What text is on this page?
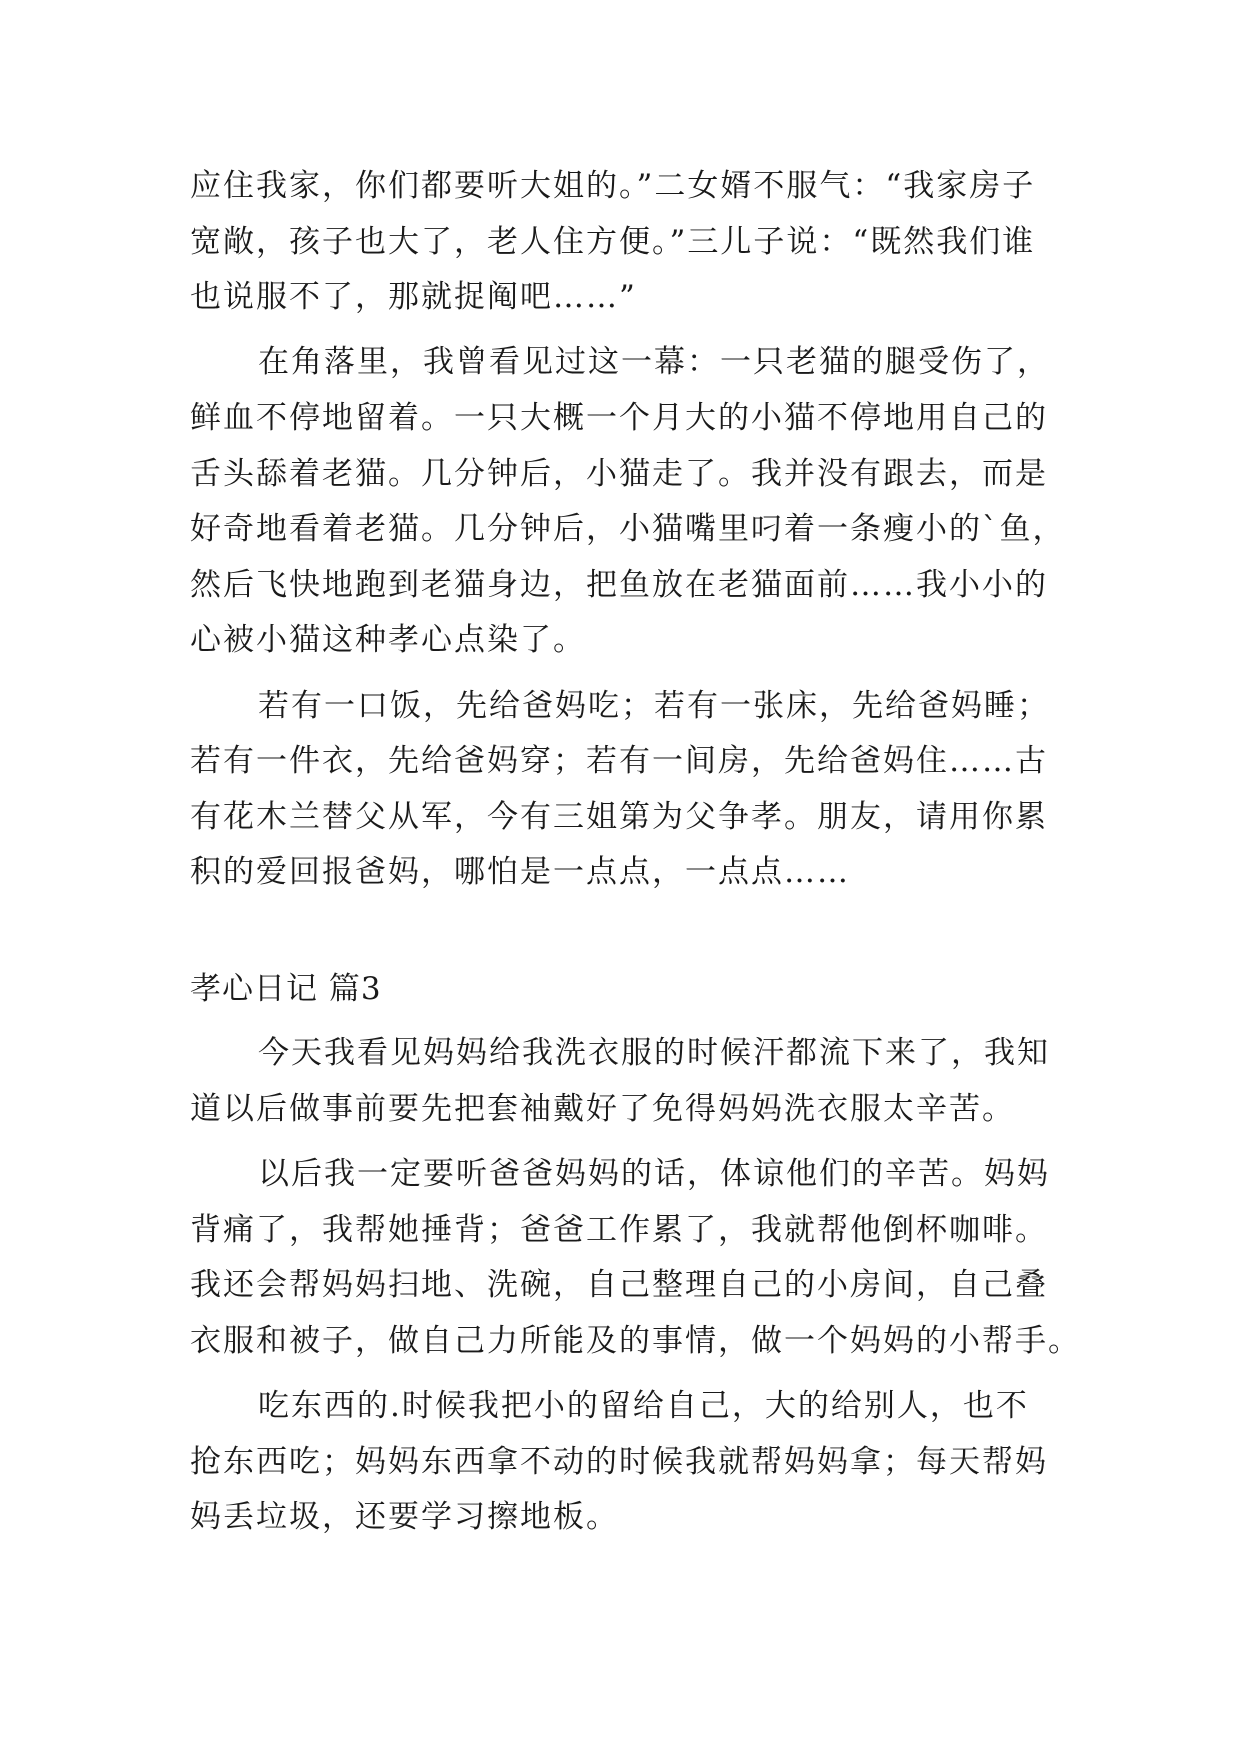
应住我家，你们都要听大姐的。”二女婿不服气：“我家房子
宽敞，孩子也大了，老人住方便。”三儿子说：“既然我们谁
也说服不了，那就捉阄吧……”
在角落里，我曾看见过这一幕：一只老猫的腿受伤了，
鲜血不停地留着。一只大概一个月大的小猫不停地用自己的
舌头舔着老猫。几分钟后，小猫走了。我并没有跟去，而是
好奇地看着老猫。几分钟后，小猫嘴里叼着一条瘦小的`鱼，
然后飞快地跑到老猫身边，把鱼放在老猫面前……我小小的
心被小猫这种孝心点染了。
若有一口饭，先给爸妈吃；若有一张床，先给爸妈睡；
若有一件衣，先给爸妈穿；若有一间房，先给爸妈住……古
有花木兰替父从军，今有三姐第为父争孝。朋友，请用你累
积的爱回报爸妈，哪怕是一点点，一点点……
孝心日记 篇3
今天我看见妈妈给我洗衣服的时候汗都流下来了，我知
道以后做事前要先把套袖戴好了免得妈妈洗衣服太辛苦。
以后我一定要听爸爸妈妈的话，体谅他们的辛苦。妈妈
背痛了，我帮她捶背；爸爸工作累了，我就帮他倒杯咖啡。
我还会帮妈妈扫地、洗碗，自己整理自己的小房间，自己叠
衣服和被子，做自己力所能及的事情，做一个妈妈的小帮手。
吃东西的.时候我把小的留给自己，大的给别人，也不
抢东西吃；妈妈东西拿不动的时候我就帮妈妈拿；每天帮妈
妈丢垃圾，还要学习擦地板。
